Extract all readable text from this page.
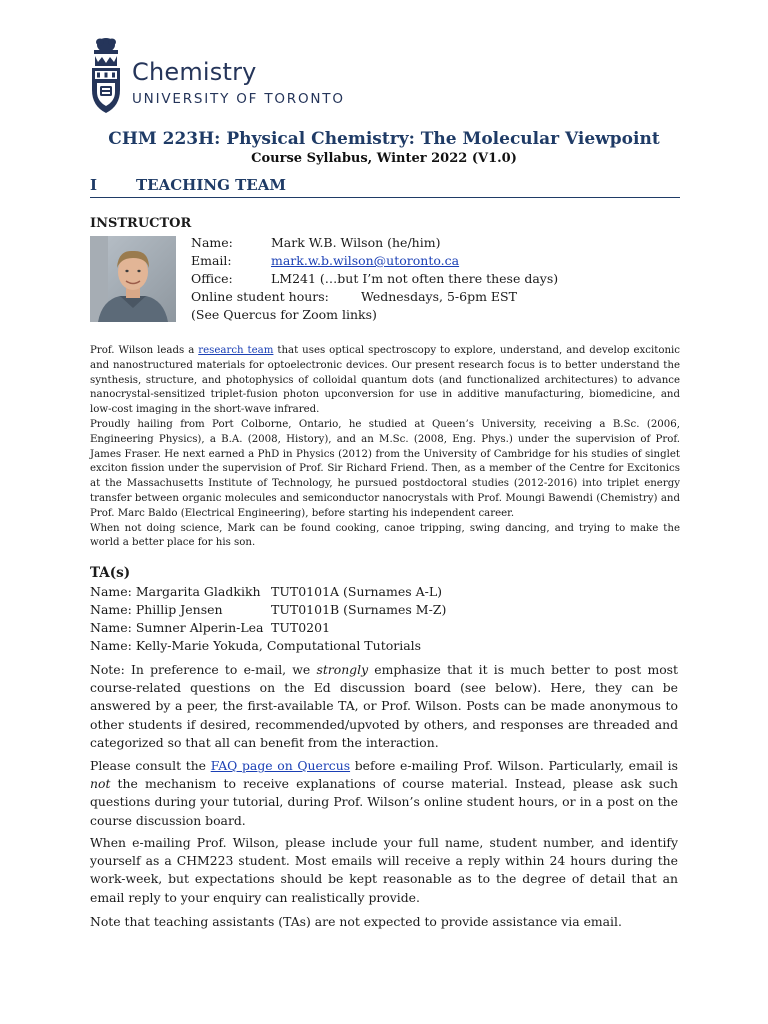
Chemistry
UNIVERSITY OF TORONTO
CHM 223H: Physical Chemistry: The Molecular Viewpoint
Course Syllabus, Winter 2022 (V1.0)
I	TEACHING TEAM
INSTRUCTOR
Name:	Mark W.B. Wilson (he/him)
Email:	mark.w.b.wilson@utoronto.ca
Office:	LM241 (…but I’m not often there these days)
Online student hours:	Wednesdays, 5-6pm EST
(See Quercus for Zoom links)

Prof. Wilson leads a research team that uses optical spectroscopy to explore, understand, and develop excitonic and nanostructured materials for optoelectronic devices. Our present research focus is to better understand the synthesis, structure, and photophysics of colloidal quantum dots (and functionalized architectures) to advance nanocrystal-sensitized triplet-fusion photon upconversion for use in additive manufacturing, biomedicine, and low-cost imaging in the short-wave infrared.

Proudly hailing from Port Colborne, Ontario, he studied at Queen’s University, receiving a B.Sc. (2006, Engineering Physics), a B.A. (2008, History), and an M.Sc. (2008, Eng. Phys.) under the supervision of Prof. James Fraser. He next earned a PhD in Physics (2012) from the University of Cambridge for his studies of singlet exciton fission under the supervision of Prof. Sir Richard Friend. Then, as a member of the Centre for Excitonics at the Massachusetts Institute of Technology, he pursued postdoctoral studies (2012-2016) into triplet energy transfer between organic molecules and semiconductor nanocrystals with Prof. Moungi Bawendi (Chemistry) and Prof. Marc Baldo (Electrical Engineering), before starting his independent career.

When not doing science, Mark can be found cooking, canoe tripping, swing dancing, and trying to make the world a better place for his son.

TA(s)
Name: Margarita Gladkikh TUT0101A (Surnames A-L)
Name: Phillip Jensen	TUT0101B (Surnames M-Z)
Name: Sumner Alperin-Lea TUT0201
Name: Kelly-Marie Yokuda, Computational Tutorials

Note: In preference to e-mail, we strongly emphasize that it is much better to post most course-related questions on the Ed discussion board (see below). Here, they can be answered by a peer, the first-available TA, or Prof. Wilson. Posts can be made anonymous to other students if desired, recommended/upvoted by others, and responses are threaded and categorized so that all can benefit from the interaction.

Please consult the FAQ page on Quercus before e-mailing Prof. Wilson. Particularly, email is not the mechanism to receive explanations of course material. Instead, please ask such questions during your tutorial, during Prof. Wilson’s online student hours, or in a post on the course discussion board.

When e-mailing Prof. Wilson, please include your full name, student number, and identify yourself as a CHM223 student. Most emails will receive a reply within 24 hours during the work-week, but expectations should be kept reasonable as to the degree of detail that an email reply to your enquiry can realistically provide.

Note that teaching assistants (TAs) are not expected to provide assistance via email.
